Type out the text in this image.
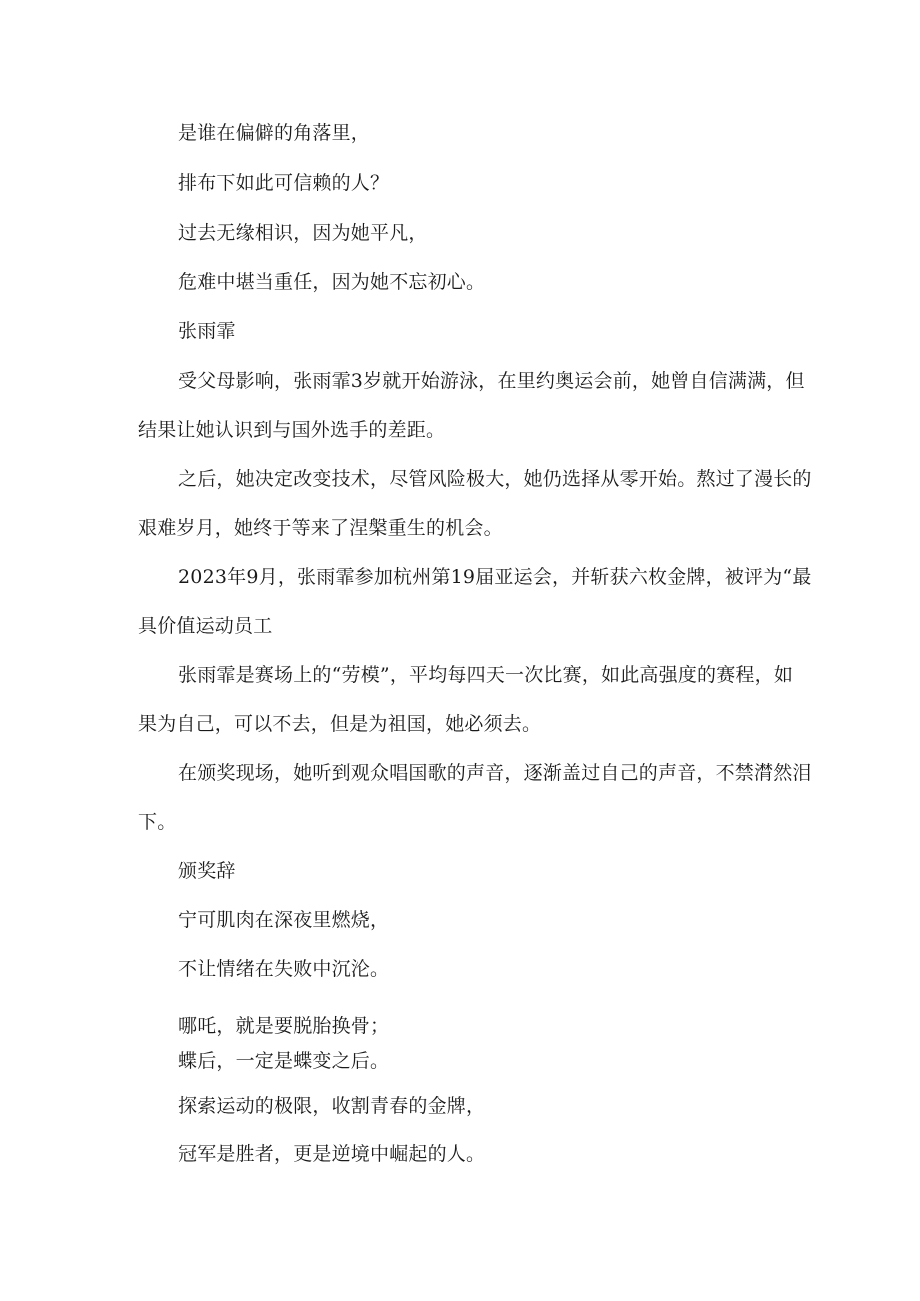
是谁在偏僻的角落里，

排布下如此可信赖的人？

过去无缘相识，因为她平凡，

危难中堪当重任，因为她不忘初心。

张雨霏

受父母影响，张雨霏3岁就开始游泳，在里约奥运会前，她曾自信满满，但

结果让她认识到与国外选手的差距。

之后，她决定改变技术，尽管风险极大，她仍选择从零开始。熬过了漫长的

艰难岁月，她终于等来了涅槃重生的机会。

2023年9月，张雨霏参加杭州第19届亚运会，并斩获六枚金牌，被评为“最

具价值运动员工

张雨霏是赛场上的“劳模”，平均每四天一次比赛，如此高强度的赛程，如

果为自己，可以不去，但是为祖国，她必须去。

在颁奖现场，她听到观众唱国歌的声音，逐渐盖过自己的声音，不禁潸然泪

下。

颁奖辞

宁可肌肉在深夜里燃烧，

不让情绪在失败中沉沦。

哪吒，就是要脱胎换骨；

蝶后，一定是蝶变之后。

探索运动的极限，收割青春的金牌，

冠军是胜者，更是逆境中崛起的人。
